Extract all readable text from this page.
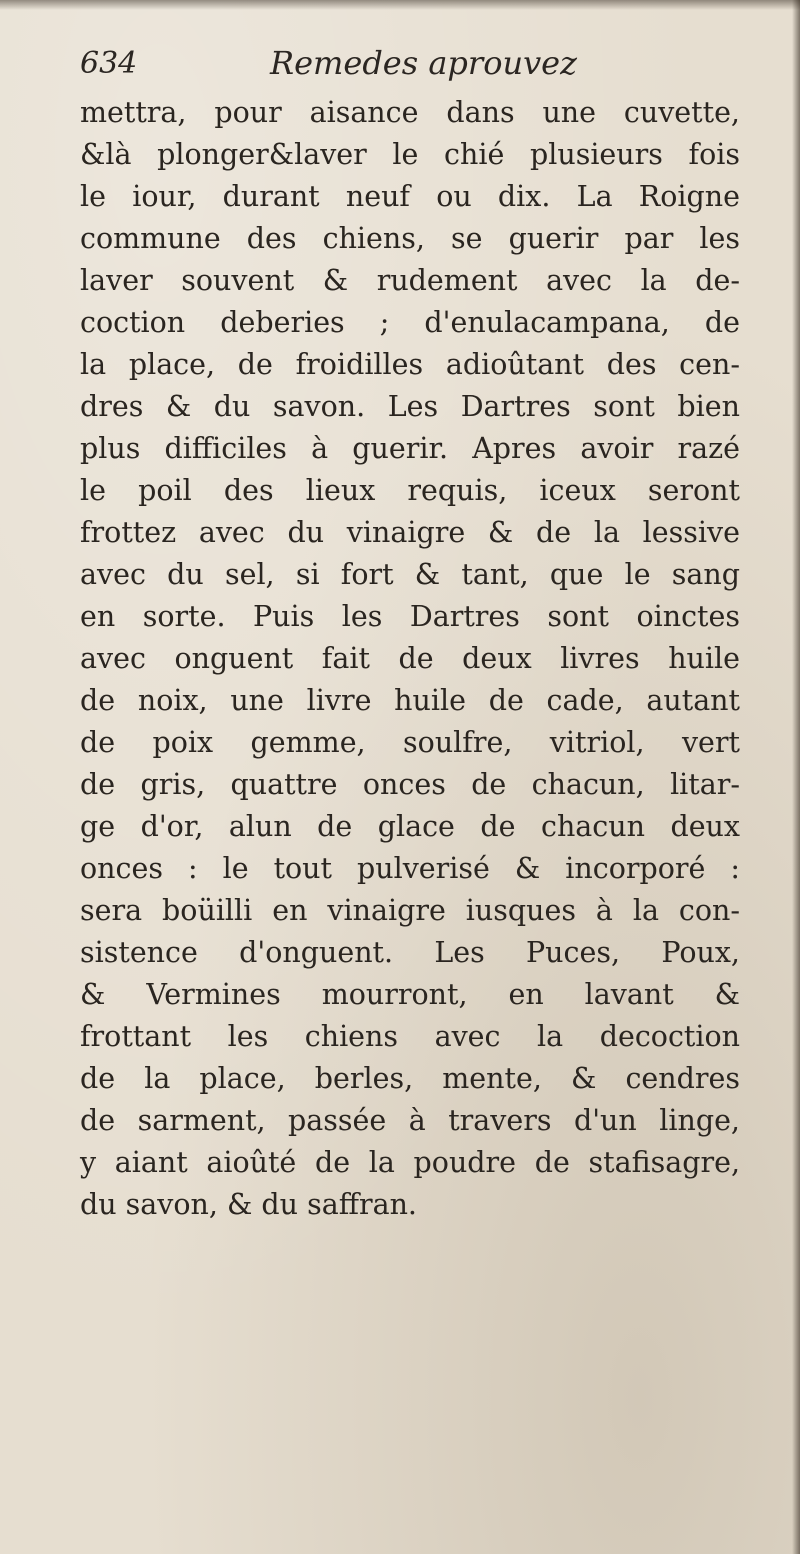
634	Remedes aprouvez
mettra, pour aisance dans une cuvette,
&là plonger&laver le chié plusieurs fois
le iour, durant neuf ou dix. La Roigne
commune des chiens, se guerir par les
laver souvent & rudement avec la de-
coction deberies ; d'enulacampana, de
la place, de froidilles adioûtant des cen-
dres & du savon. Les Dartres sont bien
plus difficiles à guerir. Apres avoir razé
le poil des lieux requis, iceux seront
frottez avec du vinaigre & de la lessive
avec du sel, si fort & tant, que le sang
en sorte. Puis les Dartres sont oinctes
avec onguent fait de deux livres huile
de noix, une livre huile de cade, autant
de poix gemme, soulfre, vitriol, vert
de gris, quattre onces de chacun, litar-
ge d'or, alun de glace de chacun deux
onces : le tout pulverisé & incorporé :
sera boüilli en vinaigre iusques à la con-
sistence d'onguent. Les Puces, Poux,
& Vermines mourront, en lavant &
frottant les chiens avec la decoction
de la place, berles, mente, & cendres
de sarment, passée à travers d'un linge,
y aiant aioûté de la poudre de stafisagre,
du savon, & du saffran.
